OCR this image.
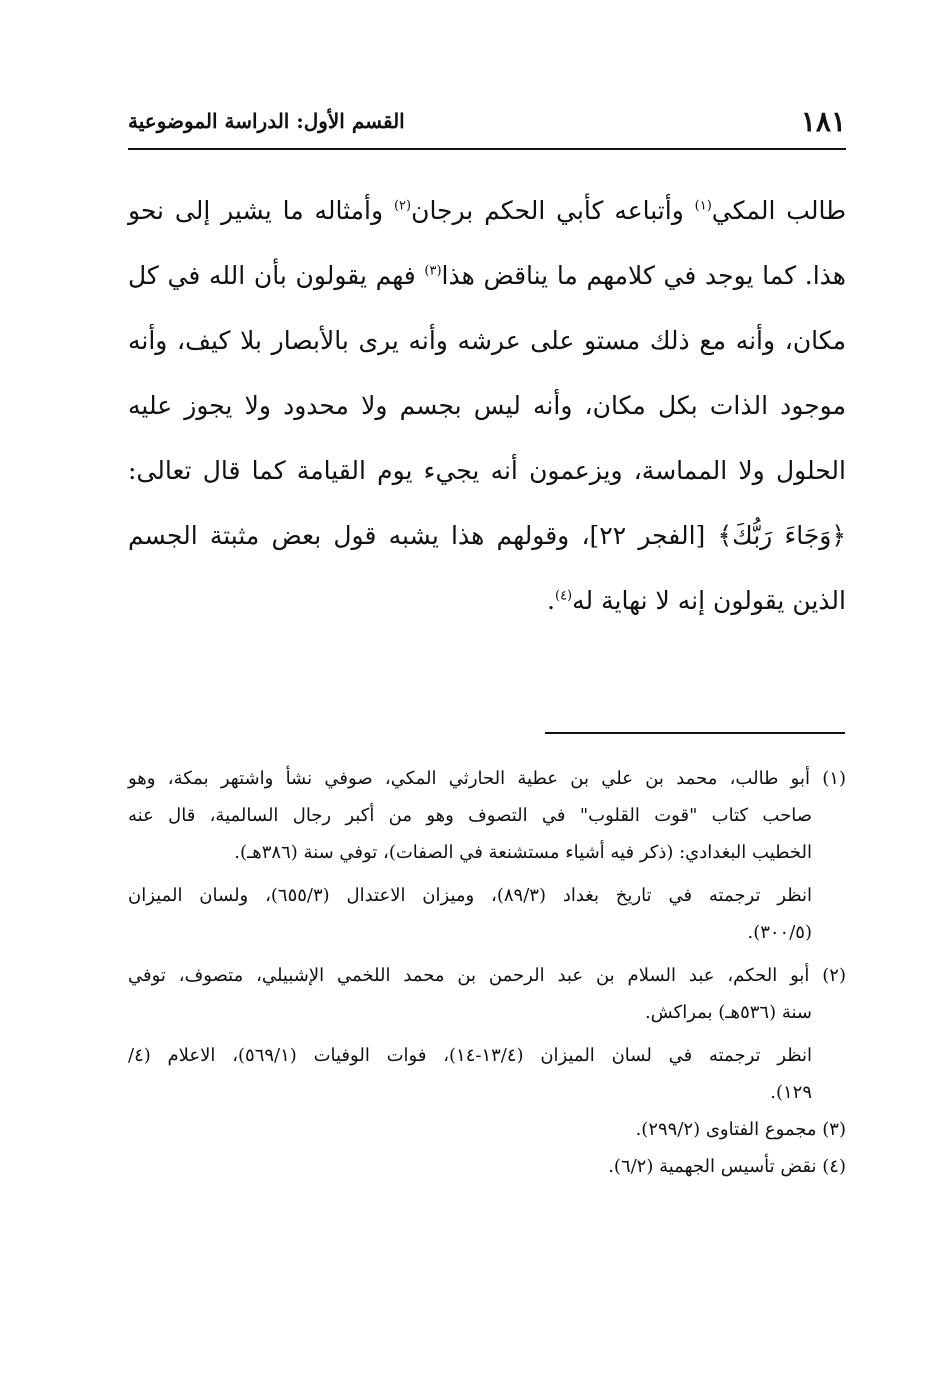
١٨١
القسم الأول: الدراسة الموضوعية
طالب المكي$^{(١)}$ وأتباعه كأبي الحكم برجان$^{(٢)}$ وأمثاله ما يشير إلى نحو
هذا. كما يوجد في كلامهم ما يناقض هذا$^{(٣)}$ فهم يقولون بأن الله في كل
مكان، وأنه مع ذلك مستو على عرشه وأنه يرى بالأبصار بلا كيف، وأنه
موجود الذات بكل مكان، وأنه ليس بجسم ولا محدود ولا يجوز عليه
الحلول ولا المماسة، ويزعمون أنه يجيء يوم القيامة كما قال تعالى:
﴿وَجَاءَ رَبُّكَ﴾ [الفجر ٢٢]، وقولهم هذا يشبه قول بعض مثبتة الجسم
الذين يقولون إنه لا نهاية له$^{(٤)}$.
(١) أبو طالب، محمد بن علي بن عطية الحارثي المكي، صوفي نشأ واشتهر بمكة، وهو
صاحب كتاب "قوت القلوب" في التصوف وهو من أكبر رجال السالمية، قال عنه
الخطيب البغدادي: (ذكر فيه أشياء مستشنعة في الصفات)، توفي سنة (٣٨٦هـ).
انظر ترجمته في تاريخ بغداد (٨٩/٣)، وميزان الاعتدال (٦٥٥/٣)، ولسان الميزان
(٣٠٠/٥).
(٢) أبو الحكم، عبد السلام بن عبد الرحمن بن محمد اللخمي الإشبيلي، متصوف، توفي
سنة (٥٣٦هـ) بمراكش.
انظر ترجمته في لسان الميزان (١٣/٤-١٤)، فوات الوفيات (٥٦٩/١)، الاعلام (٤/
١٢٩).
(٣) مجموع الفتاوى (٢٩٩/٢).
(٤) نقض تأسيس الجهمية (٦/٢).
